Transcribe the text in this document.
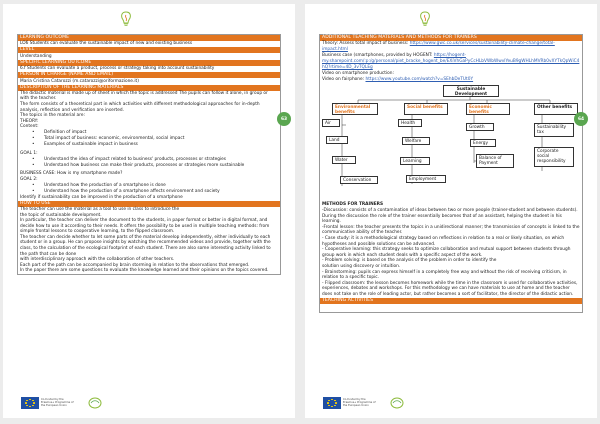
LEARNING OUTCOME
LO6 Students can evaluate the sustainable impact of new and existing business
LEVEL
Understanding
SPECIFIC LEARNING OUTCOME
6.f Students can evaluate a product, process or strategy taking into account sustainability
PERSON IN CHARGE (NAME AND EMAIL)
Maria Cristina Catarozzi (m.catarozzi@oriformazione.it)
DESCRIPTION OF THE LEARNING MATERIALS
The didactic material is made up of sheet in which the topic is addressed The pupils can follow it alone, in group or with the teacher.
The form consists of a theoretical part in which activities with different methodological approaches for in-depth analysis, reflection and verification are inserted.
The topics in the material are:
THEORY:
Content:
• Definition of impact
• Total impact of business: economic, environmental, social impact
• Examples of sustainable impact in business
GOAL 1:
• Understand the idea of impact related to business' products, processes or strategies
• Understand how business can make their products, processes or strategies more sustainable
BUSINESS CASE: How is my smartphone made?
GOAL 2:
• Understand how the production of a smartphone is done
• Understand how the production of a smartphone affects environment and society
Identify if sustainability can be improved in the production of a smartphone
HOW TO USE
The teacher can use the material as a tool to use in class to introduce the
the topic of sustainable development.
In particular, the teacher can deliver the document to the students, in paper format or better in digital format, and decide how to use it according to their needs. It offers the possibility to be used in multiple teaching methods: from simple frontal lessons to cooperative learning, to the flipped classroom.
The teacher can decide whether to let some parts of the material develop independently, either individually to each student or in a group. He can propose insights by watching the recommended videos and provide, together with the class, to the calculation of the ecological footprint of each student. There are also some interesting activity linked to the path that can be done
with interdisciplinary approach with the collaboration of other teachers.
Each part of the path can be accompanied by brain storming in relation to the observations that emerged.
In the paper there are some questions to evaluate the knowledge learned and their opinions on the topics covered.
63
Co-funded by the Erasmus+ Programme of the European Union
ADDITIONAL TEACHING MATERIALS AND METHODS FOR TRAINERS
Theory: Assess total impact of business: https://www.gwc.co.uk/services/sustainability-climate-change/total-impact.html
Business case (smartphones, provided by HOGENT: https://hogent-my.sharepoint.com/:p:/g/personal/piet_bracke_hogent_be/EXiVhGaPyCcHLbVWbWwvlYeuB9gWHLhMVRb0vXYTkQpWiC4hQ?rtime=4D_3vTQLEg
Video on smartphone production:
Video on fairphone: https://www.youtube.com/watch?v=SEhbDeTUt0Y
Sustainable Development
Environmental benefits
Social benefits	Economic benefits
Other benefits
Air
Land
Water
Conservation
Health
Welfare
Learning
Employment
Growth
Energy
Balance of Payment
Sustainability tax
Corporate social responsibility
METHODS FOR TRAINERS
-Discussion: consists of a contamination of ideas between two or more people (trainer-student and between students). During the discussion the role of the trainer essentially becomes that of an assistant, helping the student in his learning.
-Frontal lesson: the teacher presents the topics in a unidirectional manner; the transmission of concepts is linked to the communicative ability of the teacher.
- Case study: it is a methodological strategy based on reflections in relation to a real or likely situation, on which hypotheses and possible solutions can be advanced.
- Cooperative learning: this strategy seeks to optimize collaboration and mutual support between students through group work in which each student deals with a specific aspect of the work.
- Problem solving: is based on the analysis of the problem in order to identify the
solution using discovery or intuition.
- Brainstorming: pupils can express himself in a completely free way and without the risk of receiving criticism, in relation to a specific topic.
- Flipped classroom: the lesson becomes homework while the time in the classroom is used for collaborative activities, experiences, debates and workshops. For this methodology we can have materials to use at home and the teacher does not take on the role of leading actor, but rather becomes a sort of facilitator, the director of the didactic action.
TEACHING ACTIVITIES
64
Co-funded by the Erasmus+ Programme of the European Union
